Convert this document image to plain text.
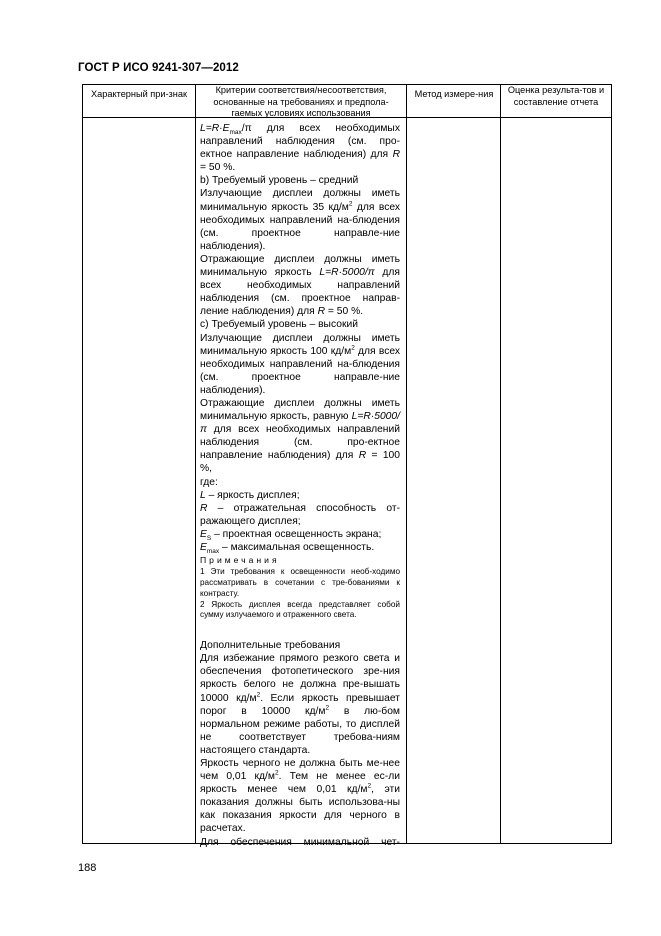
ГОСТ Р ИСО 9241-307—2012
Характерный при-знак	Критерии соответствия/несоответствия, основанные на требованиях и предпола-гаемых условиях использования
Метод измере-ния	Оценка результа-тов и составление отчета

$L=R\cdot E_{max}/\pi$ для всех необходимых направлений наблюдения (см. про-ектное направление наблюдения) для R = 50 %.

b) Требуемый уровень – средний

Излучающие дисплеи должны иметь минимальную яркость 35 $кд/м^2$ для всех необходимых направлений на-блюдения (см. проектное направле-ние наблюдения).

Отражающие дисплеи должны иметь минимальную яркость L=R·5000/π для всех необходимых направлений наблюдения (см. проектное направ-ление наблюдения) для R = 50 %.

c) Требуемый уровень – высокий

Излучающие дисплеи должны иметь минимальную яркость 100 $кд/м^2$ для всех необходимых направлений на-блюдения (см. проектное направле-ние наблюдения).

Отражающие дисплеи должны иметь минимальную яркость, равную L=R·5000/π для всех необходимых направлений наблюдения (см. про-ектное направление наблюдения) для R = 100 %,

где:

L – яркость дисплея;

R – отражательная способность от-ражающего дисплея;

$E_S$ – проектная освещенность экрана;

$E_{max}$ – максимальная освещенность.

Примечания

1 Эти требования к освещенности необ-ходимо рассматривать в сочетании с тре-бованиями к контрасту.

2 Яркость дисплея всегда представляет собой сумму излучаемого и отраженного света.

Дополнительные требования

Для избежание прямого резкого света и обеспечения фотопетического зре-ния яркость белого не должна пре-вышать 10000 $кд/м^2$. Если яркость превышает порог в 10000 $кд/м^2$ в лю-бом нормальном режиме работы, то дисплей не соответствует требова-ниям настоящего стандарта.

Яркость черного не должна быть ме-нее чем 0,01 $кд/м^2$. Тем не менее ес-ли яркость менее чем 0,01 $кд/м^2$, эти показания должны быть использова-ны как показания яркости для черного в расчетах.

Для обеспечения минимальной чет-

188
